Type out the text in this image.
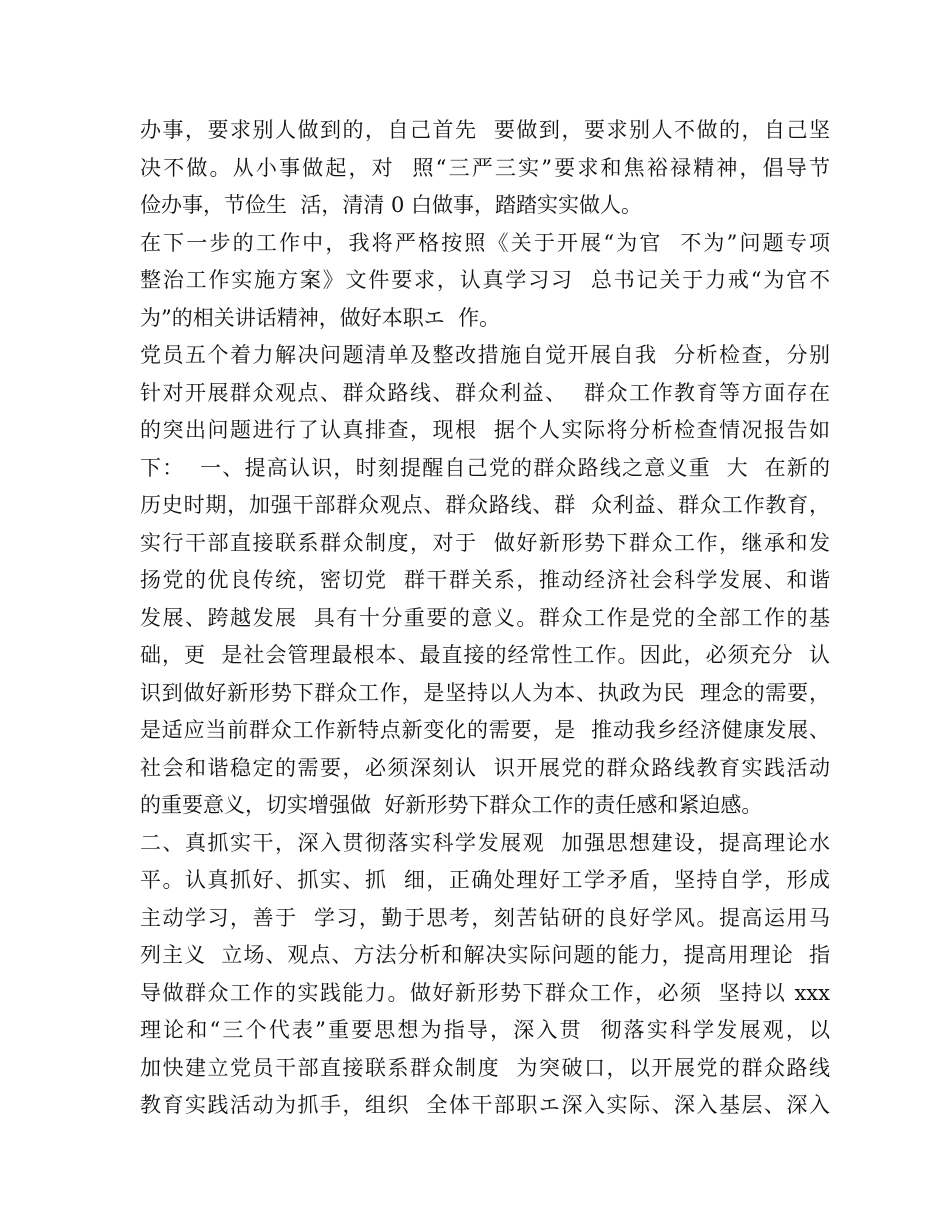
办事，要求别人做到的，自己首先  要做到，要求别人不做的，自己坚
决不做。从小事做起，对  照“三严三实”要求和焦裕禄精神，倡导节
俭办事，节俭生  活，清清 0 白做事，踏踏实实做人。
在下一步的工作中，我将严格按照《关于开展“为官  不为”问题专项
整治工作实施方案》文件要求，认真学习习  总书记关于力戒“为官不
为”的相关讲话精神，做好本职エ  作。
党员五个着力解决问题清单及整改措施自觉开展自我  分析检查，分别
针对开展群众观点、群众路线、群众利益、  群众工作教育等方面存在
的突出问题进行了认真排查，现根  据个人实际将分析检查情况报告如
下：  一、提高认识，时刻提醒自己党的群众路线之意义重  大  在新的
历史时期，加强干部群众观点、群众路线、群  众利益、群众工作教育，
实行干部直接联系群众制度，对于  做好新形势下群众工作，继承和发
扬党的优良传统，密切党  群干群关系，推动经济社会科学发展、和谐
发展、跨越发展  具有十分重要的意义。群众工作是党的全部工作的基
础，更  是社会管理最根本、最直接的经常性工作。因此，必须充分  认
识到做好新形势下群众工作，是坚持以人为本、执政为民  理念的需要，
是适应当前群众工作新特点新变化的需要，是  推动我乡经济健康发展、
社会和谐稳定的需要，必须深刻认  识开展党的群众路线教育实践活动
的重要意义，切实增强做  好新形势下群众工作的责任感和紧迫感。
二、真抓实干，深入贯彻落实科学发展观  加强思想建设，提高理论水
平。认真抓好、抓实、抓  细，正确处理好工学矛盾，坚持自学，形成
主动学习，善于  学习，勤于思考，刻苦钻研的良好学风。提高运用马
列主义  立场、观点、方法分析和解决实际问题的能力，提高用理论  指
导做群众工作的实践能力。做好新形势下群众工作，必须  坚持以 xxx
理论和“三个代表”重要思想为指导，深入贯  彻落实科学发展观，以
加快建立党员干部直接联系群众制度  为突破口，以开展党的群众路线
教育实践活动为抓手，组织  全体干部职エ深入实际、深入基层、深入
